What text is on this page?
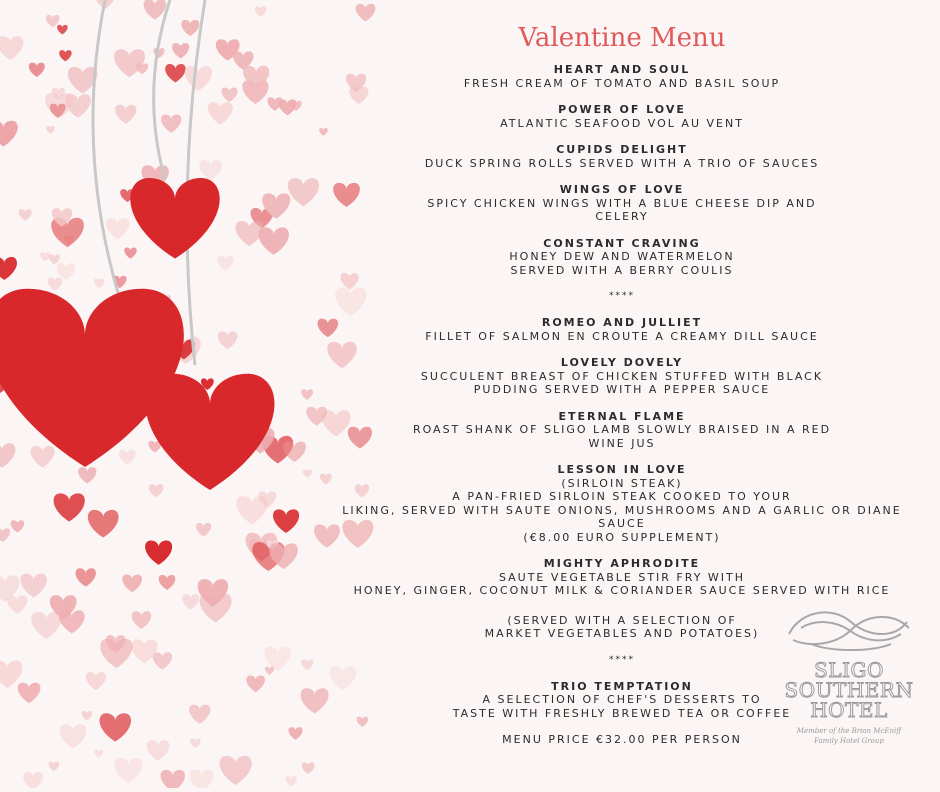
Valentine Menu
HEART AND SOUL
FRESH CREAM OF TOMATO AND BASIL SOUP
POWER OF LOVE
ATLANTIC SEAFOOD VOL AU VENT
CUPIDS DELIGHT
DUCK SPRING ROLLS SERVED WITH A TRIO OF SAUCES
WINGS OF LOVE
SPICY CHICKEN WINGS WITH A BLUE CHEESE DIP AND
CELERY
CONSTANT CRAVING
HONEY DEW AND WATERMELON
SERVED WITH A BERRY COULIS
****
ROMEO AND JULLIET
FILLET OF SALMON EN CROUTE A CREAMY DILL SAUCE
LOVELY DOVELY
SUCCULENT BREAST OF CHICKEN STUFFED WITH BLACK
PUDDING SERVED WITH A PEPPER SAUCE
ETERNAL FLAME
ROAST SHANK OF SLIGO LAMB SLOWLY BRAISED IN A RED
WINE JUS
LESSON IN LOVE
(SIRLOIN STEAK)
A PAN-FRIED SIRLOIN STEAK COOKED TO YOUR
LIKING, SERVED WITH SAUTE ONIONS, MUSHROOMS AND A GARLIC OR DIANE SAUCE
(€8.00 EURO SUPPLEMENT)
MIGHTY APHRODITE
SAUTE VEGETABLE STIR FRY WITH
HONEY, GINGER, COCONUT MILK & CORIANDER SAUCE SERVED WITH RICE
(SERVED WITH A SELECTION OF
MARKET VEGETABLES AND POTATOES)
****
TRIO TEMPTATION
A SELECTION OF CHEF'S DESSERTS TO
TASTE WITH FRESHLY BREWED TEA OR COFFEE
MENU PRICE €32.00 PER PERSON
SLIGO
SOUTHERN
HOTEL
Member of the Brian McEniff
Family Hotel Group
